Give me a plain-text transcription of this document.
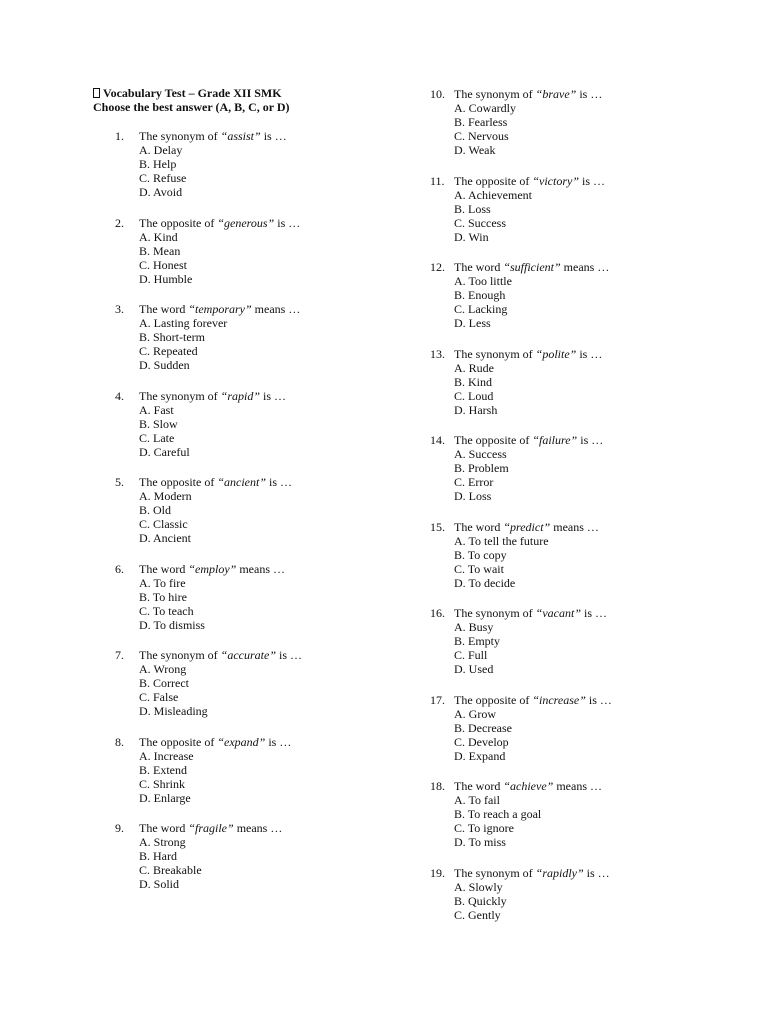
Vocabulary Test – Grade XII SMK
Choose the best answer (A, B, C, or D)
1. The synonym of “assist” is …
A. Delay
B. Help
C. Refuse
D. Avoid
2. The opposite of “generous” is …
A. Kind
B. Mean
C. Honest
D. Humble
3. The word “temporary” means …
A. Lasting forever
B. Short-term
C. Repeated
D. Sudden
4. The synonym of “rapid” is …
A. Fast
B. Slow
C. Late
D. Careful
5. The opposite of “ancient” is …
A. Modern
B. Old
C. Classic
D. Ancient
6. The word “employ” means …
A. To fire
B. To hire
C. To teach
D. To dismiss
7. The synonym of “accurate” is …
A. Wrong
B. Correct
C. False
D. Misleading
8. The opposite of “expand” is …
A. Increase
B. Extend
C. Shrink
D. Enlarge
9. The word “fragile” means …
A. Strong
B. Hard
C. Breakable
D. Solid
10. The synonym of “brave” is …
A. Cowardly
B. Fearless
C. Nervous
D. Weak
11. The opposite of “victory” is …
A. Achievement
B. Loss
C. Success
D. Win
12. The word “sufficient” means …
A. Too little
B. Enough
C. Lacking
D. Less
13. The synonym of “polite” is …
A. Rude
B. Kind
C. Loud
D. Harsh
14. The opposite of “failure” is …
A. Success
B. Problem
C. Error
D. Loss
15. The word “predict” means …
A. To tell the future
B. To copy
C. To wait
D. To decide
16. The synonym of “vacant” is …
A. Busy
B. Empty
C. Full
D. Used
17. The opposite of “increase” is …
A. Grow
B. Decrease
C. Develop
D. Expand
18. The word “achieve” means …
A. To fail
B. To reach a goal
C. To ignore
D. To miss
19. The synonym of “rapidly” is …
A. Slowly
B. Quickly
C. Gently
